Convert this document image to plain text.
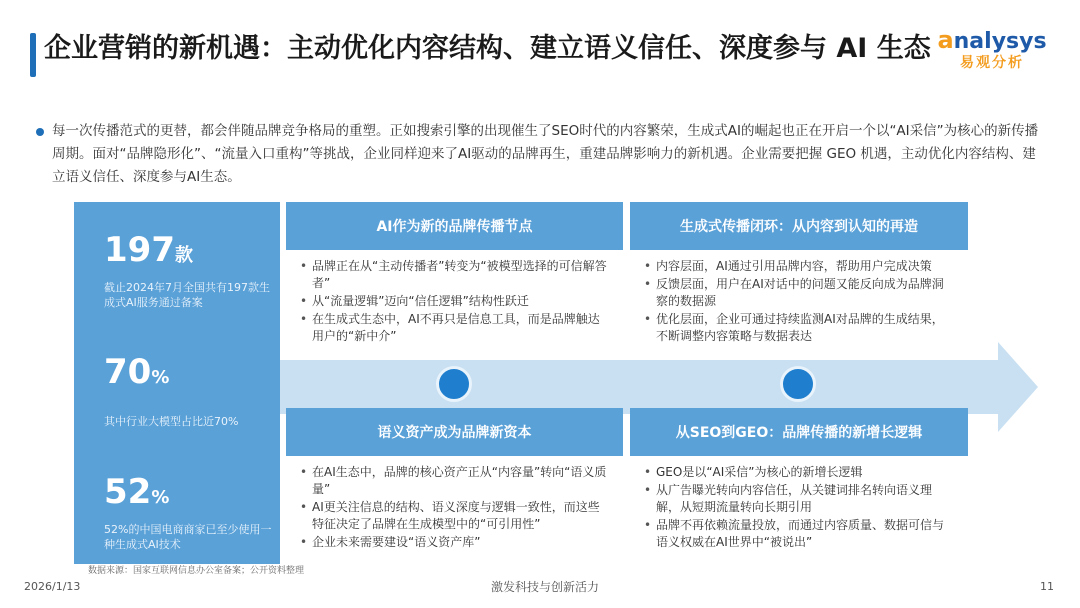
企业营销的新机遇：主动优化内容结构、建立语义信任、深度参与 AI 生态 analysys
易观分析

每一次传播范式的更替，都会伴随品牌竞争格局的重塑。正如搜索引擎的出现催生了SEO时代的内容繁荣，生成式AI的崛起也正在开启一个以“AI采信”为核心的新传播周期。面对“品牌隐形化”、“流量入口重构”等挑战，企业同样迎来了AI驱动的品牌再生，重建品牌影响力的新机遇。企业需要把握 GEO 机遇，主动优化内容结构、建立语义信任、深度参与AI生态。

197款
截止2024年7月全国共有197款生成式AI服务通过备案
70%
其中行业大模型占比近70%
52%
52%的中国电商商家已至少使用一种生成式AI技术
AI作为新的品牌传播节点
• 品牌正在从“主动传播者”转变为“被模型选择的可信解答者”
• 从“流量逻辑”迈向“信任逻辑”结构性跃迁
• 在生成式生态中，AI不再只是信息工具，而是品牌触达用户的“新中介”
生成式传播闭环：从内容到认知的再造
• 内容层面，AI通过引用品牌内容，帮助用户完成决策
• 反馈层面，用户在AI对话中的问题又能反向成为品牌洞察的数据源
• 优化层面，企业可通过持续监测AI对品牌的生成结果，不断调整内容策略与数据表达
语义资产成为品牌新资本
• 在AI生态中，品牌的核心资产正从“内容量”转向“语义质量”
• AI更关注信息的结构、语义深度与逻辑一致性，而这些特征决定了品牌在生成模型中的“可引用性”
• 企业未来需要建设“语义资产库”
从SEO到GEO：品牌传播的新增长逻辑
• GEO是以“AI采信”为核心的新增长逻辑
• 从广告曝光转向内容信任，从关键词排名转向语义理解，从短期流量转向长期引用
• 品牌不再依赖流量投放，而通过内容质量、数据可信与语义权威在AI世界中“被说出”
数据来源：国家互联网信息办公室备案；公开资料整理
2026/1/13	激发科技与创新活力	11
